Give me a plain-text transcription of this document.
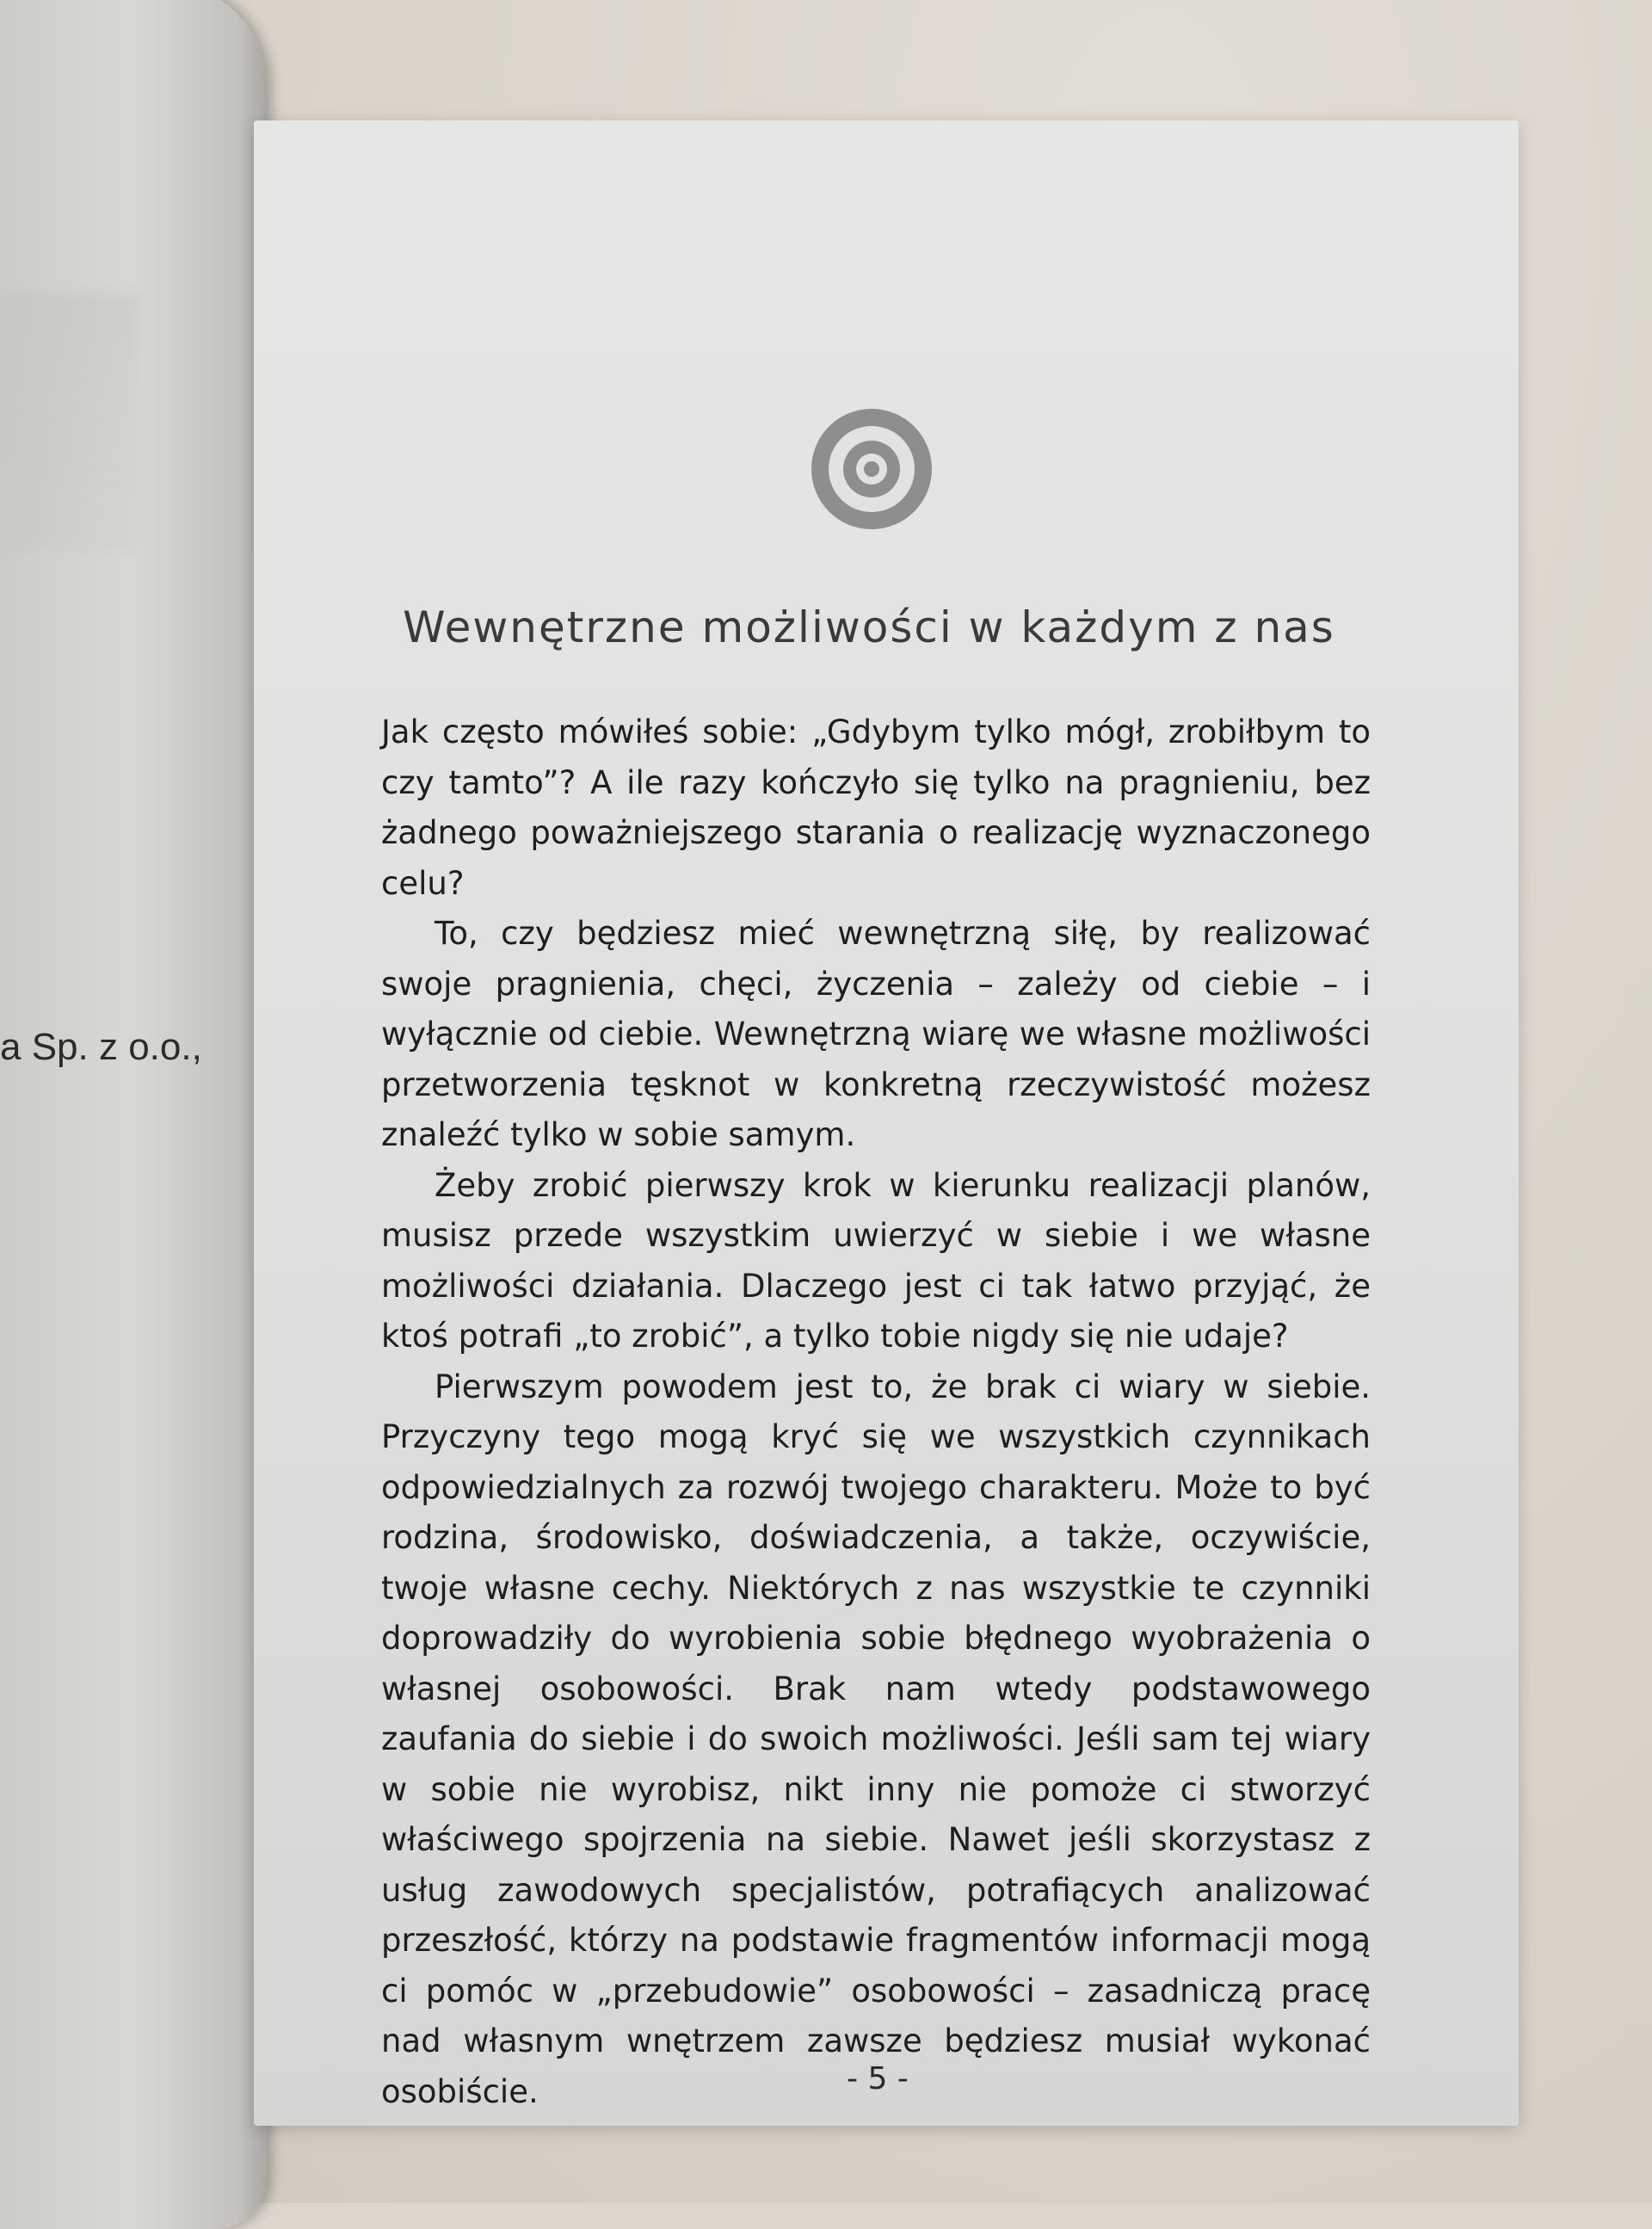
a Sp. z o.o.,
Wewnętrzne możliwości w każdym z nas

Jak często mówiłeś sobie: „Gdybym tylko mógł, zrobiłbym to czy tamto”? A ile razy kończyło się tylko na pragnieniu, bez żadnego poważniejszego starania o realizację wyznaczonego celu?

To, czy będziesz mieć wewnętrzną siłę, by realizować swoje pragnienia, chęci, życzenia – zależy od ciebie – i wyłącznie od ciebie. Wewnętrzną wiarę we własne możliwości przetworzenia tęsknot w konkretną rzeczywistość możesz znaleźć tylko w sobie samym.

Żeby zrobić pierwszy krok w kierunku realizacji planów, musisz przede wszystkim uwierzyć w siebie i we własne możliwości działania. Dlaczego jest ci tak łatwo przyjąć, że ktoś potrafi „to zrobić”, a tylko tobie nigdy się nie udaje?

Pierwszym powodem jest to, że brak ci wiary w siebie. Przyczyny tego mogą kryć się we wszystkich czynnikach odpowiedzialnych za rozwój twojego charakteru. Może to być rodzina, środowisko, doświadczenia, a także, oczywiście, twoje własne cechy. Niektórych z nas wszystkie te czynniki doprowadziły do wyrobienia sobie błędnego wyobrażenia o własnej osobowości. Brak nam wtedy podstawowego zaufania do siebie i do swoich możliwości. Jeśli sam tej wiary w sobie nie wyrobisz, nikt inny nie pomoże ci stworzyć właściwego spojrzenia na siebie. Nawet jeśli skorzystasz z usług zawodowych specjalistów, potrafiących analizować przeszłość, którzy na podstawie fragmentów informacji mogą ci pomóc w „przebudowie” osobowości – zasadniczą pracę nad własnym wnętrzem zawsze będziesz musiał wykonać osobiście.	- 5 -
